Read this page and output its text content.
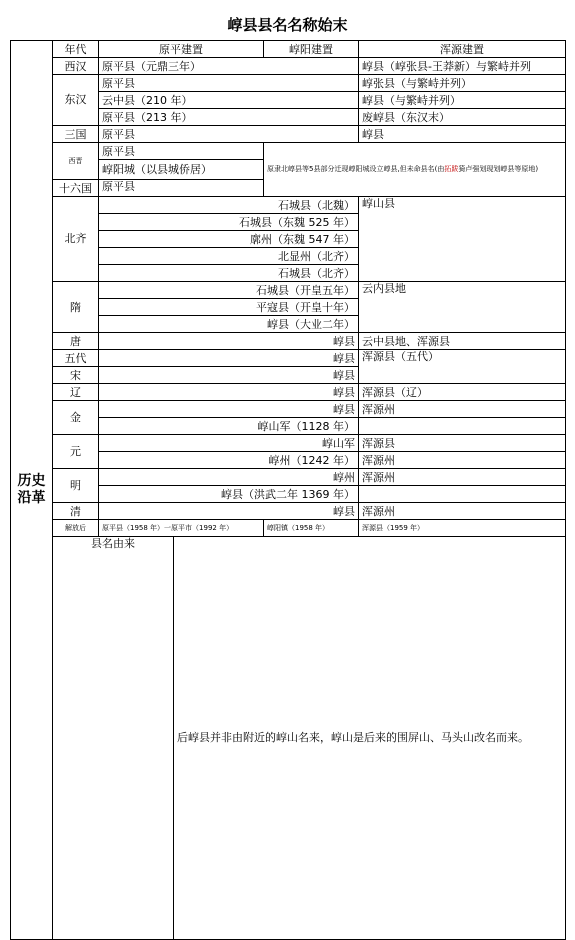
崞县县名名称始末
历史沿革	年代	原平建置		崞阳建置	浑源建置	
	西汉	原平县（元鼎三年）			崞县（崞张县-王莽新）与繁峙并列	
	东汉	原平县			崞张县（与繁峙并列）	
		云中县（210 年）			崞县（与繁峙并列）	
		原平县（213 年）			废崞县（东汉末）	
	三国	原平县			崞县	
	西晋	原平县		原隶北崞县等5县部分迁现崞阳城设立崞县,但未命县名(由拓跋猗卢强划现划崞县等原地)		
		崞阳城（以县城侨居）				
	十六国	原平县				

	北齐	石城县（北魏）			崞山县	
		石城县（东魏 525 年）				
		廓州（东魏 547 年）				
		北显州（北齐）				
		石城县（北齐）				
	隋	石城县（开皇五年）			云内县地	
		平寇县（开皇十年）				
		崞县（大业二年）				
	唐	崞县			云中县地、浑源县	
	五代	崞县			浑源县（五代）	
	宋	崞县				
	辽	崞县			浑源县（辽）	
	金	崞县			浑源州	
		崞山军（1128 年）				
	元	崞山军			浑源县	
		崞州（1242 年）			浑源州	
	明	崞州			浑源州	
		崞县（洪武二年 1369 年）				
	清	崞县			浑源州	
	解放后	原平县（1958 年）一原平市（1992 年）		崞阳镇（1958 年）	浑源县（1959 年）	
	县名由来		后崞县并非由附近的崞山名来，崞山是后来的围屏山、马头山改名而来。	
